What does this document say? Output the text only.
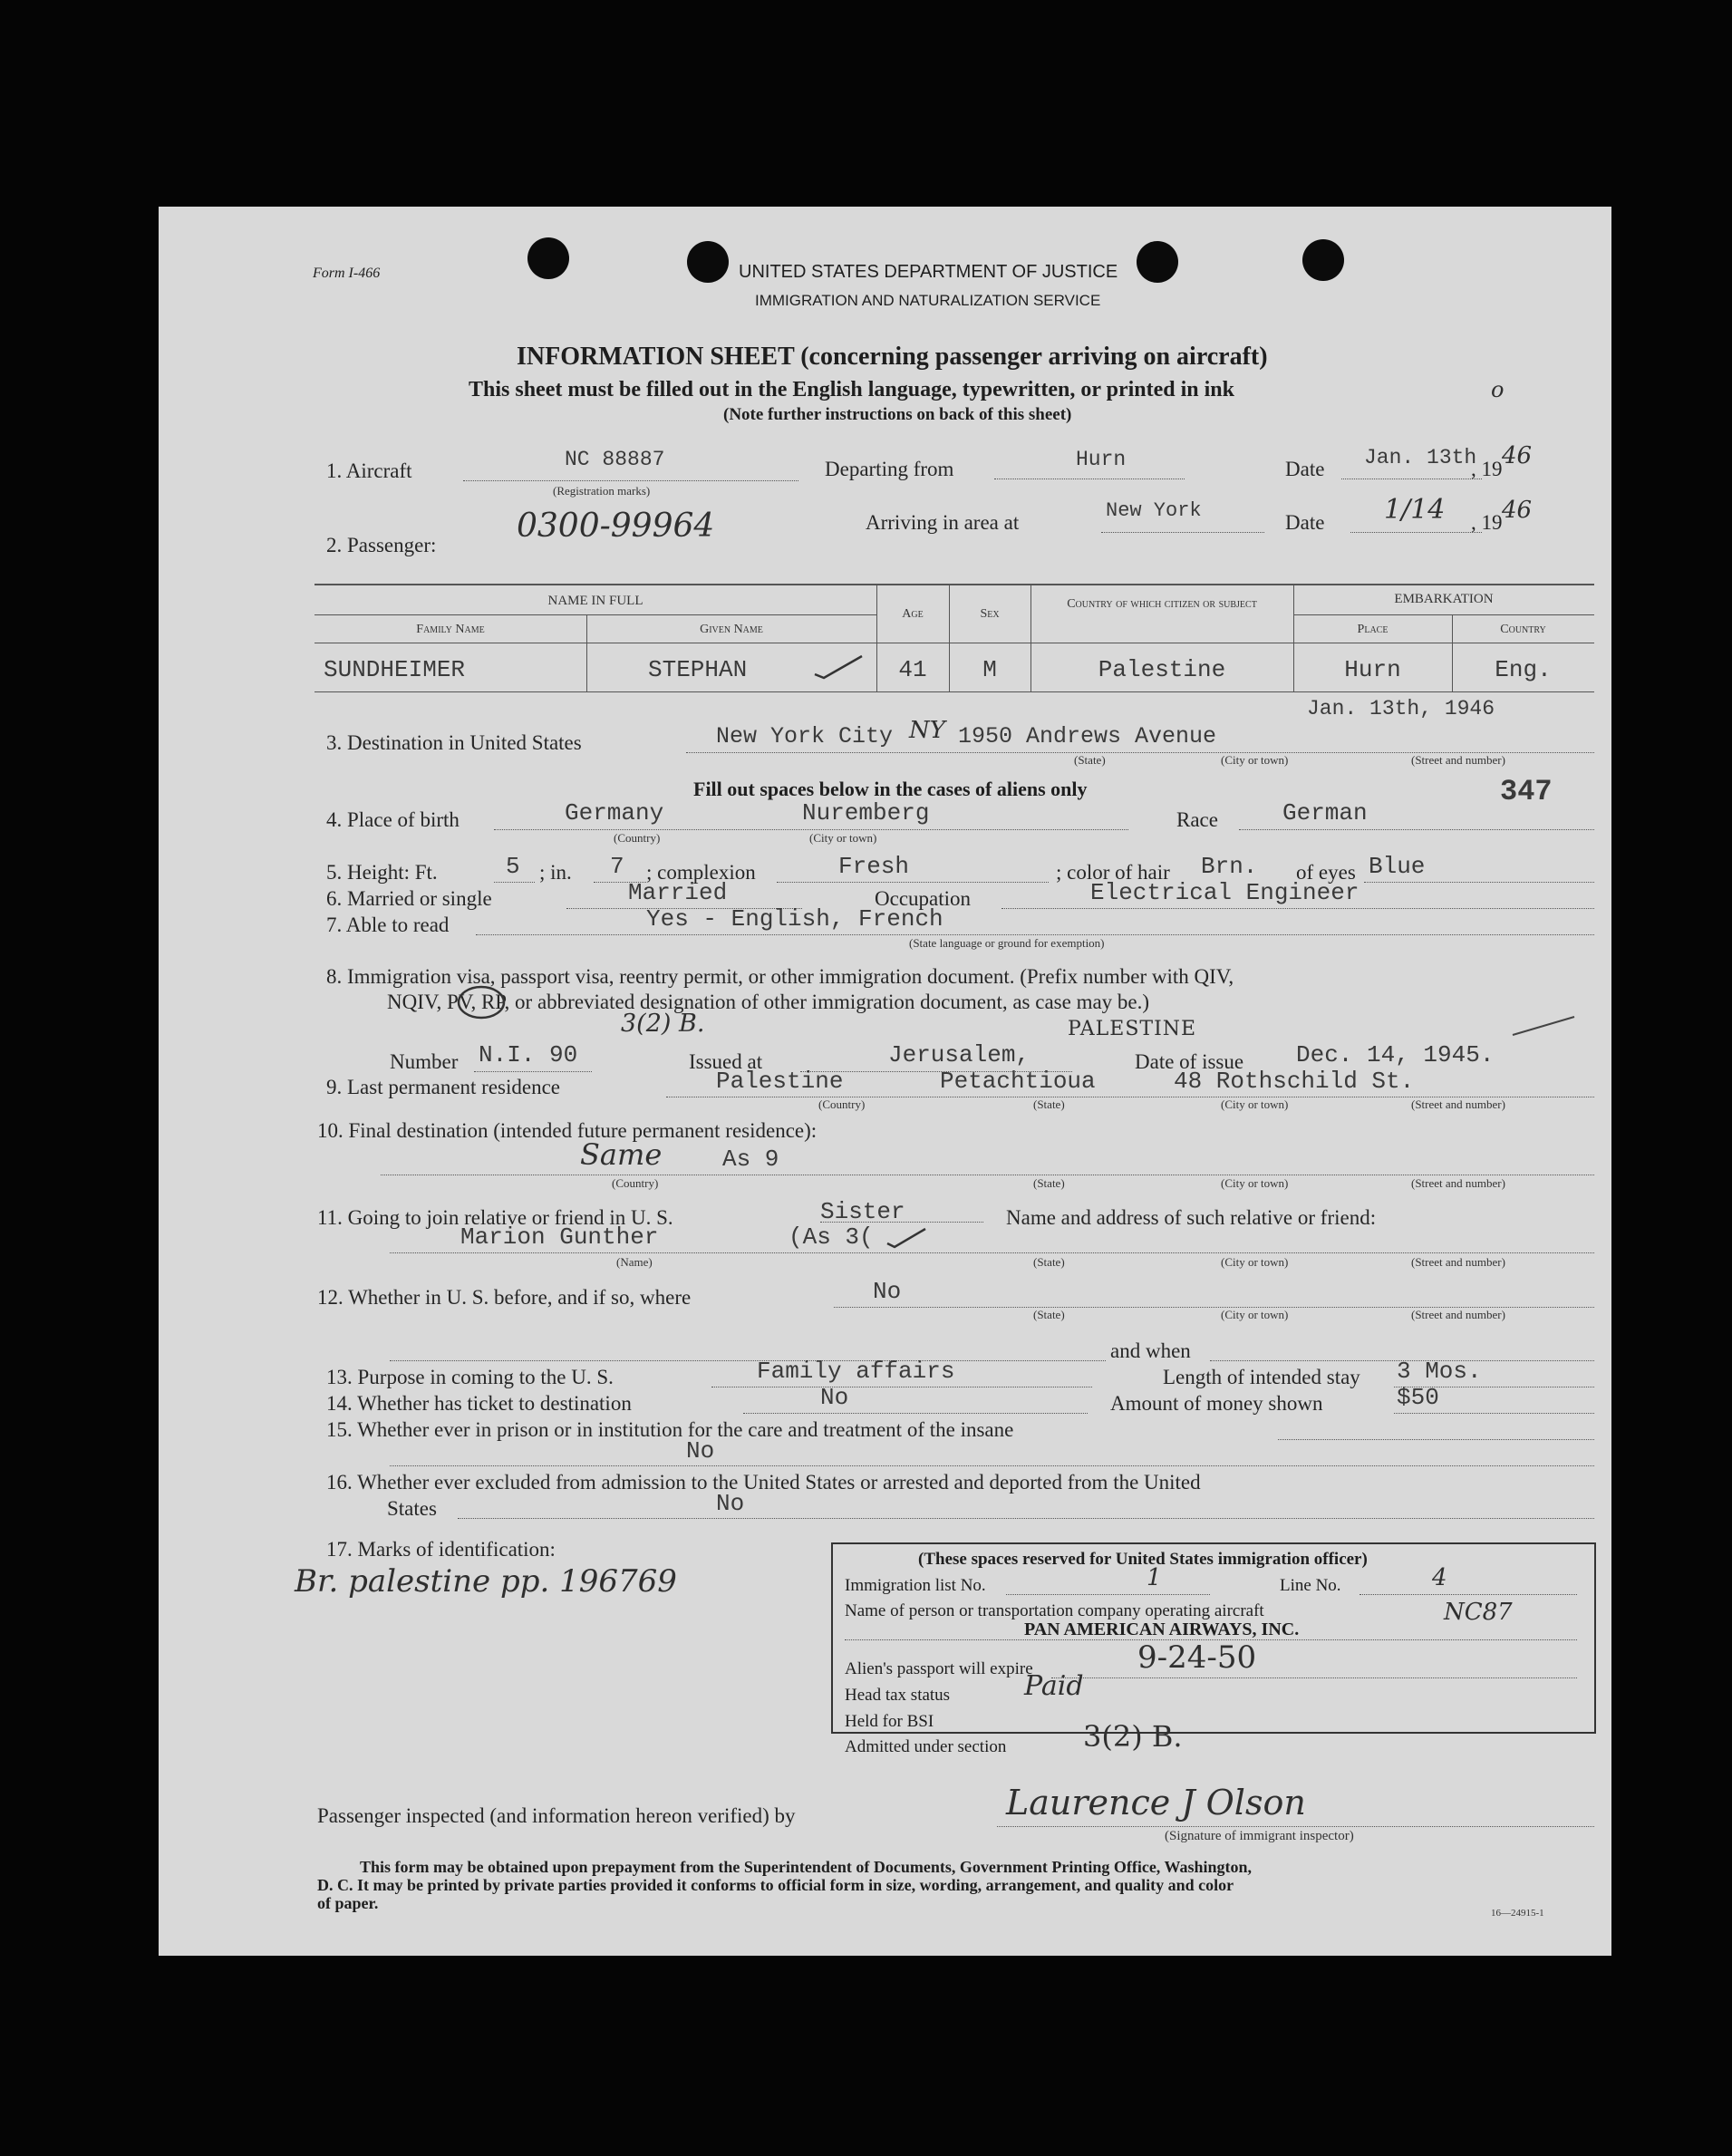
Form I-466	UNITED STATES DEPARTMENT OF JUSTICE
IMMIGRATION AND NATURALIZATION SERVICE
INFORMATION SHEET (concerning passenger arriving on aircraft)
This sheet must be filled out in the English language, typewritten, or printed in ink
(Note further instructions on back of this sheet)
o
1. Aircraft	NC 88887
(Registration marks)
Departing from	Hurn	Date Jan. 13th
, 19 46
2. Passenger:
0300-99964	Arriving in area at
New York
Date 1/14 , 19 46
NAME IN FULL
Family Name	Given Name
Age	Sex
Country of which citizen or subject	EMBARKATION
Place	Country
SUNDHEIMER	STEPHAN	41	M	Palestine	Hurn	Eng.
Jan. 13th, 1946
3. Destination in United States	New York City NY 1950 Andrews Avenue
(State)	(City or town)	(Street and number)
Fill out spaces below in the cases of aliens only	347
4. Place of birth	Germany	Nuremberg
(Country)	(City or town)
Race	German
5. Height: Ft.	5 ; in. 7 ; complexion	Fresh	; color of hair Brn. of eyes Blue
6. Married or single	Married	Occupation	Electrical Engineer
7. Able to read	Yes - English, French
(State language or ground for exemption)
8. Immigration visa, passport visa, reentry permit, or other immigration document. (Prefix number with QIV,
NQIV, PV, RP, or abbreviated designation of other immigration document, as case may be.)
3(2) B.
Number N.I. 90	Issued at	Jerusalem,
PALESTINE
Date of issue Dec. 14, 1945.
9. Last permanent residence	Palestine	Petachtioua	48 Rothschild St.
(Country)	(State)	(City or town)	(Street and number)
10. Final destination (intended future permanent residence):
Same	As 9
(Country)	(State)	(City or town)	(Street and number)
11. Going to join relative or friend in U. S.	Sister	Name and address of such relative or friend:
Marion Gunther	(As 3(
(Name)	(State)	(City or town)	(Street and number)
12. Whether in U. S. before, and if so, where	No
(State)	(City or town)	(Street and number)
and when
13. Purpose in coming to the U. S.	Family affairs	Length of intended stay 3 Mos.
14. Whether has ticket to destination	No	Amount of money shown	$50
15. Whether ever in prison or in institution for the care and treatment of the insane
No
16. Whether ever excluded from admission to the United States or arrested and deported from the United
States	No
17. Marks of identification:
Br. palestine pp. 196769
(These spaces reserved for United States immigration officer)
Immigration list No.	1	Line No.	4
Name of person or transportation company operating aircraft	NC87
PAN AMERICAN AIRWAYS, INC.
Alien's passport will expire	9-24-50
Head tax status	Paid
Held for BSI
Admitted under section	3(2) B.
Passenger inspected (and information hereon verified) by	Laurence J Olson
(Signature of immigrant inspector)
This form may be obtained upon prepayment from the Superintendent of Documents, Government Printing Office, Washington,
D. C. It may be printed by private parties provided it conforms to official form in size, wording, arrangement, and quality and color
of paper.
16—24915-1
